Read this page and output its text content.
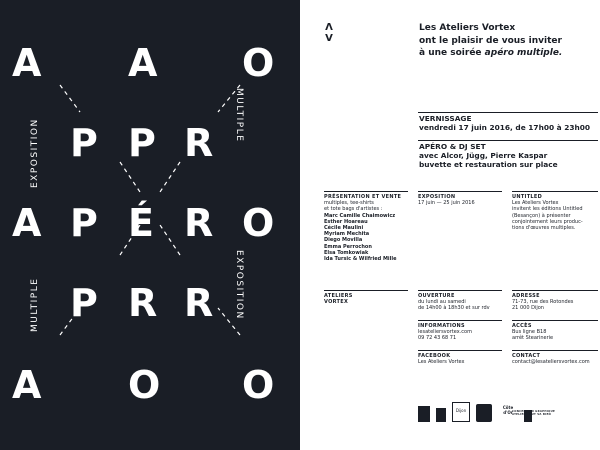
A A O
P P R
A P É R O
P R R
A O O
EXPOSITION
MULTIPLE
MULTIPLE
EXPOSITION
Λ
V
Les Ateliers Vortex
ont le plaisir de vous inviter
à une soirée apéro multiple.
VERNISSAGE
vendredi 17 juin 2016, de 17h00 à 23h00
APÉRO & DJ SET
avec Alcor, Jügg, Pierre Kaspar
buvette et restauration sur place
PRÉSENTATION ET VENTE
multiples, tee-shirts
et tote bags d'artistes :
Marc Camille Chaimowicz
Esther Hoareau
Cécile Maulini
Myriam Mechita
Diego Movilla
Emma Perrochon
Elsa Tomkowiak
Ida Tursic & Wilfried Mille
EXPOSITION
17 juin — 25 juin 2016
UNTITLED
Les Ateliers Vortex
invitent les éditions Untitled
(Besançon) à présenter
conjointement leurs produc-
tions d'œuvres multiples.
ATELIERS
VORTEX
OUVERTURE
du lundi au samedi
de 14h00 à 18h30 et sur rdv
ADRESSE
71-73, rue des Rotondes
21 000 Dijon
INFORMATIONS
lesateliersvortex.com
09 72 43 68 71
ACCÈS
Bus ligne B18
arrêt Stearinerie
FACEBOOK
Les Ateliers Vortex
CONTACT
contact@lesateliersvortex.com
Dijon
Côte d'Or CONCEPTION GRAPHIQUE
ATELIER TOUT VA BIEN
